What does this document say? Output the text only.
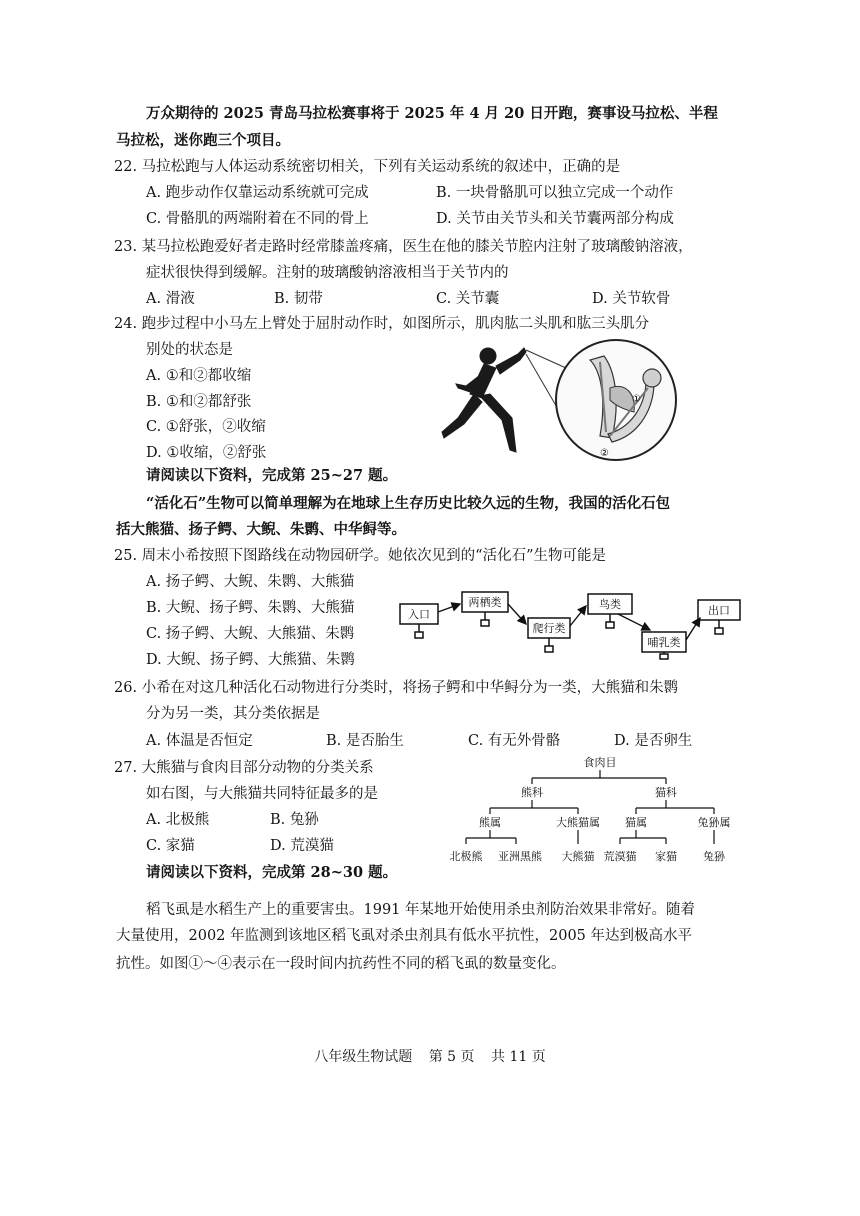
万众期待的 2025 青岛马拉松赛事将于 2025 年 4 月 20 日开跑，赛事设马拉松、半程
马拉松，迷你跑三个项目。
22. 马拉松跑与人体运动系统密切相关，下列有关运动系统的叙述中，正确的是
A. 跑步动作仅靠运动系统就可完成	B. 一块骨骼肌可以独立完成一个动作
C. 骨骼肌的两端附着在不同的骨上	D. 关节由关节头和关节囊两部分构成
23. 某马拉松跑爱好者走路时经常膝盖疼痛，医生在他的膝关节腔内注射了玻璃酸钠溶液，
症状很快得到缓解。注射的玻璃酸钠溶液相当于关节内的
A. 滑液	B. 韧带	C. 关节囊	D. 关节软骨
24. 跑步过程中小马左上臂处于屈肘动作时，如图所示，肌肉肱二头肌和肱三头肌分
别处的状态是
A. ①和②都收缩
B. ①和②都舒张
C. ①舒张，②收缩
D. ①收缩，②舒张
①
②
请阅读以下资料，完成第 25~27 题。
“活化石”生物可以简单理解为在地球上生存历史比较久远的生物，我国的活化石包
括大熊猫、扬子鳄、大鲵、朱鹮、中华鲟等。
25. 周末小希按照下图路线在动物园研学。她依次见到的“活化石”生物可能是
A. 扬子鳄、大鲵、朱鹮、大熊猫
B. 大鲵、扬子鳄、朱鹮、大熊猫
C. 扬子鳄、大鲵、大熊猫、朱鹮
D. 大鲵、扬子鳄、大熊猫、朱鹮
入口
两栖类
爬行类
鸟类
哺乳类
出口
26. 小希在对这几种活化石动物进行分类时，将扬子鳄和中华鲟分为一类，大熊猫和朱鹮
分为另一类，其分类依据是
A. 体温是否恒定	B. 是否胎生	C. 有无外骨骼	D. 是否卵生
27. 大熊猫与食肉目部分动物的分类关系
如右图，与大熊猫共同特征最多的是
A. 北极熊	B. 兔狲
C. 家猫	D. 荒漠猫
食肉目
熊科	猫科
熊属	大熊猫属 猫属	兔狲属
北极熊 亚洲黑熊 大熊猫 荒漠猫 家猫 兔狲
请阅读以下资料，完成第 28~30 题。
稻飞虱是水稻生产上的重要害虫。1991 年某地开始使用杀虫剂防治效果非常好。随着
大量使用，2002 年监测到该地区稻飞虱对杀虫剂具有低水平抗性，2005 年达到极高水平
抗性。如图①～④表示在一段时间内抗药性不同的稻飞虱的数量变化。
八年级生物试题 第 5 页 共 11 页
